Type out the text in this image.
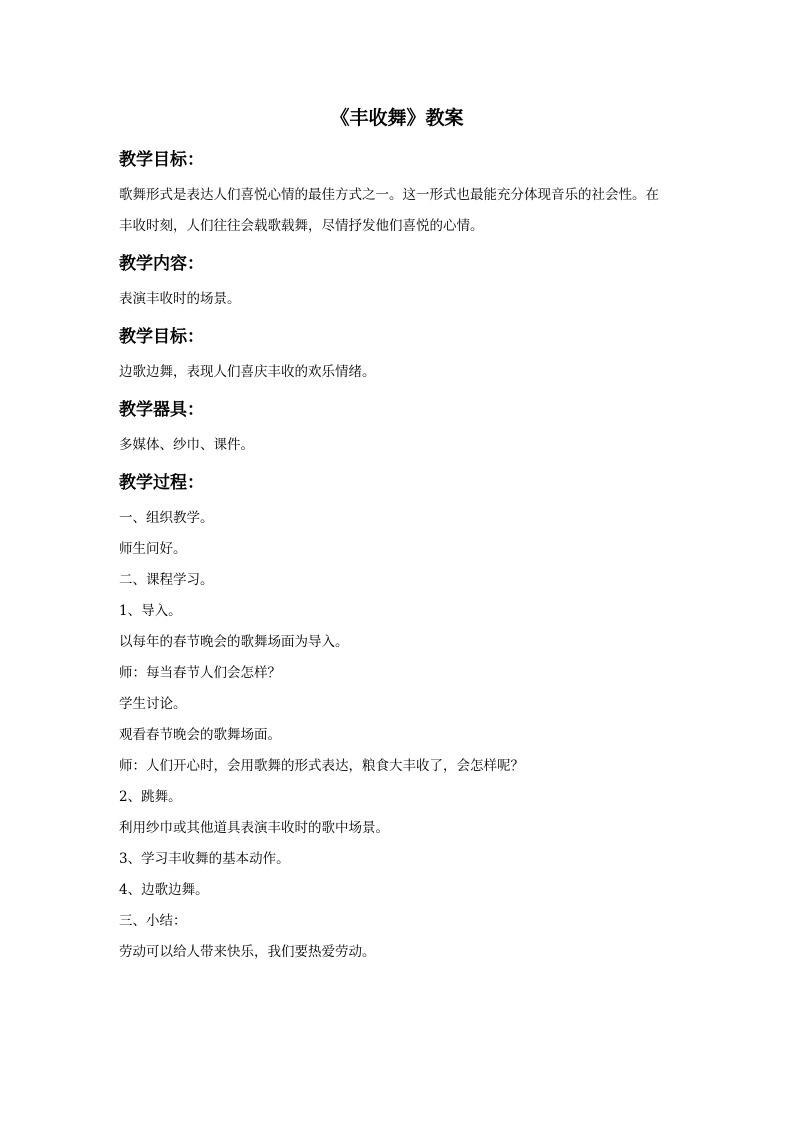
《丰收舞》教案
教学目标：
歌舞形式是表达人们喜悦心情的最佳方式之一。这一形式也最能充分体现音乐的社会性。在
丰收时刻，人们往往会载歌载舞，尽情抒发他们喜悦的心情。
教学内容：
表演丰收时的场景。
教学目标：
边歌边舞，表现人们喜庆丰收的欢乐情绪。
教学器具：
多媒体、纱巾、课件。
教学过程：
一、组织教学。
师生问好。
二、课程学习。
1、导入。
以每年的春节晚会的歌舞场面为导入。
师：每当春节人们会怎样？
学生讨论。
观看春节晚会的歌舞场面。
师：人们开心时，会用歌舞的形式表达，粮食大丰收了，会怎样呢？
2、跳舞。
利用纱巾或其他道具表演丰收时的歌中场景。
3、学习丰收舞的基本动作。
4、边歌边舞。
三、小结：
劳动可以给人带来快乐，我们要热爱劳动。
